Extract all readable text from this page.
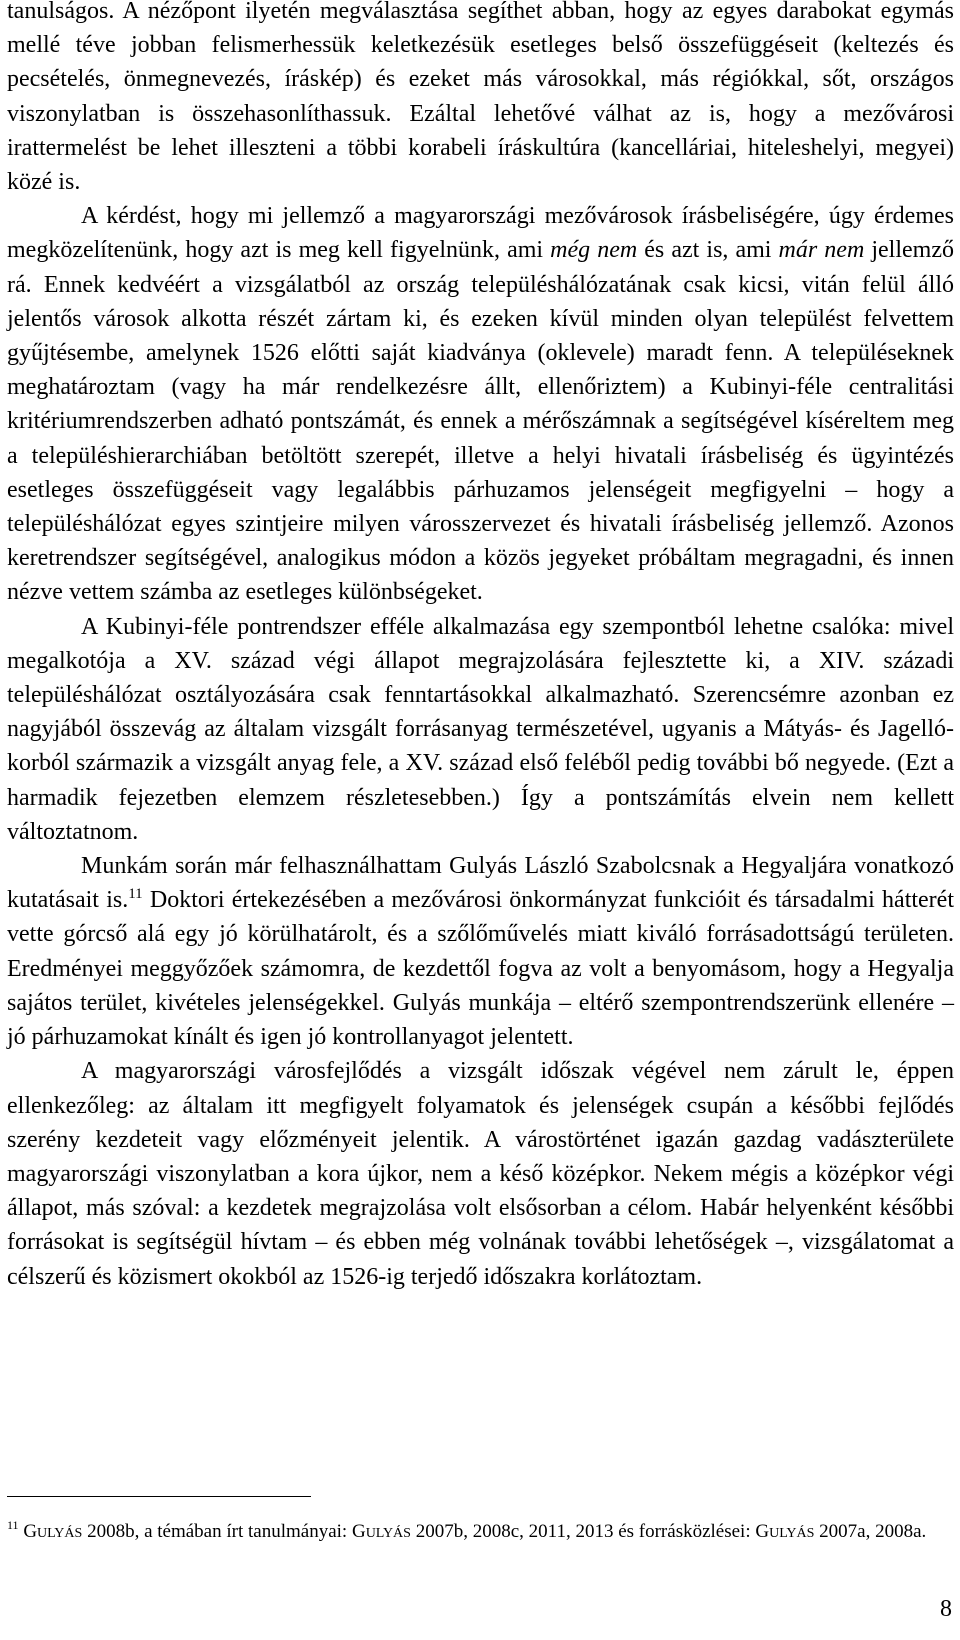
tanulságos. A nézőpont ilyetén megválasztása segíthet abban, hogy az egyes darabokat egymás mellé téve jobban felismerhessük keletkezésük esetleges belső összefüggéseit (keltezés és pecsételés, önmegnevezés, íráskép) és ezeket más városokkal, más régiókkal, sőt, országos viszonylatban is összehasonlíthassuk. Ezáltal lehetővé válhat az is, hogy a mezővárosi irattermelést be lehet illeszteni a többi korabeli íráskultúra (kancelláriai, hiteleshelyi, megyei) közé is.

A kérdést, hogy mi jellemző a magyarországi mezővárosok írásbeliségére, úgy érdemes megközelítenünk, hogy azt is meg kell figyelnünk, ami még nem és azt is, ami már nem jellemző rá. Ennek kedvéért a vizsgálatból az ország településhálózatának csak kicsi, vitán felül álló jelentős városok alkotta részét zártam ki, és ezeken kívül minden olyan települést felvettem gyűjtésembe, amelynek 1526 előtti saját kiadványa (oklevele) maradt fenn. A településeknek meghatároztam (vagy ha már rendelkezésre állt, ellenőriztem) a Kubinyi-féle centralitási kritériumrendszerben adható pontszámát, és ennek a mérőszámnak a segítségével kíséreltem meg a településhierarchiában betöltött szerepét, illetve a helyi hivatali írásbeliség és ügyintézés esetleges összefüggéseit vagy legalábbis párhuzamos jelenségeit megfigyelni – hogy a településhálózat egyes szintjeire milyen városszervezet és hivatali írásbeliség jellemző. Azonos keretrendszer segítségével, analogikus módon a közös jegyeket próbáltam megragadni, és innen nézve vettem számba az esetleges különbségeket.

A Kubinyi-féle pontrendszer efféle alkalmazása egy szempontból lehetne csalóka: mivel megalkotója a XV. század végi állapot megrajzolására fejlesztette ki, a XIV. századi településhálózat osztályozására csak fenntartásokkal alkalmazható. Szerencsémre azonban ez nagyjából összevág az általam vizsgált forrásanyag természetével, ugyanis a Mátyás- és Jagelló-korból származik a vizsgált anyag fele, a XV. század első feléből pedig további bő negyede. (Ezt a harmadik fejezetben elemzem részletesebben.) Így a pontszámítás elvein nem kellett változtatnom.

Munkám során már felhasználhattam Gulyás László Szabolcsnak a Hegyaljára vonatkozó kutatásait is.$^{11}$ Doktori értekezésében a mezővárosi önkormányzat funkcióit és társadalmi hátterét vette górcső alá egy jó körülhatárolt, és a szőlőművelés miatt kiváló forrásadottságú területen. Eredményei meggyőzőek számomra, de kezdettől fogva az volt a benyomásom, hogy a Hegyalja sajátos terület, kivételes jelenségekkel. Gulyás munkája – eltérő szempontrendszerünk ellenére – jó párhuzamokat kínált és igen jó kontrollanyagot jelentett.

A magyarországi városfejlődés a vizsgált időszak végével nem zárult le, éppen ellenkezőleg: az általam itt megfigyelt folyamatok és jelenségek csupán a későbbi fejlődés szerény kezdeteit vagy előzményeit jelentik. A várostörténet igazán gazdag vadászterülete magyarországi viszonylatban a kora újkor, nem a késő középkor. Nekem mégis a középkor végi állapot, más szóval: a kezdetek megrajzolása volt elsősorban a célom. Habár helyenként későbbi forrásokat is segítségül hívtam – és ebben még volnának további lehetőségek –, vizsgálatomat a célszerű és közismert okokból az 1526-ig terjedő időszakra korlátoztam.

$^{11}$ GULYÁS 2008b, a témában írt tanulmányai: GULYÁS 2007b, 2008c, 2011, 2013 és forrásközlései: GULYÁS 2007a, 2008a.

8
